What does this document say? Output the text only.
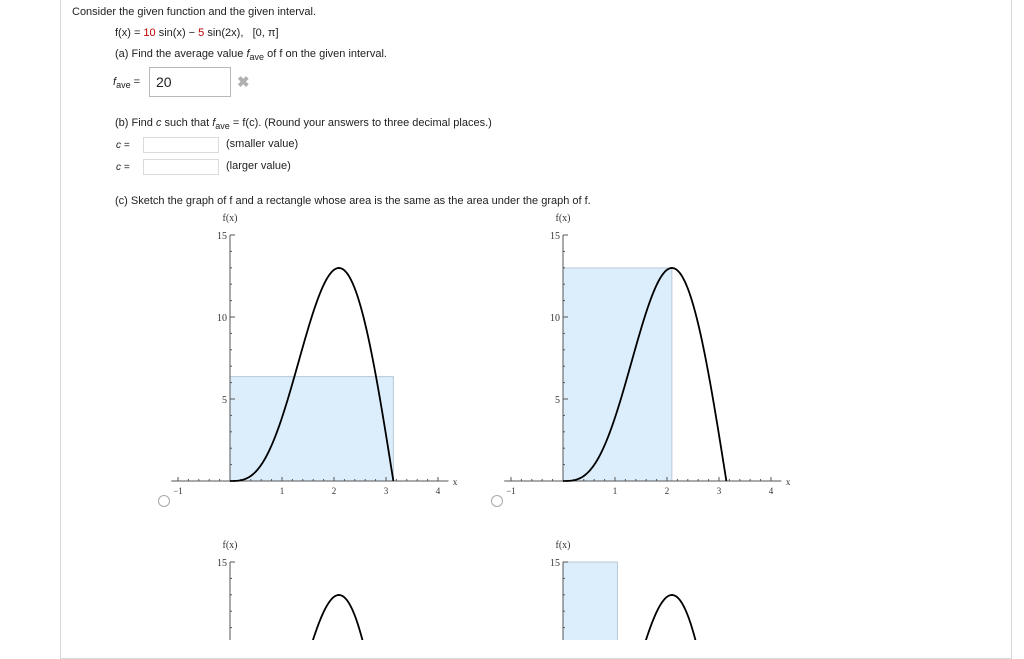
Consider the given function and the given interval.
f(x) = 10 sin(x) − 5 sin(2x), [0, π]
(a) Find the average value $f_{ave}$ of f on the given interval.
$f_{ave}$ =	20	✖
(b) Find c such that $f_{ave} = f(c)$. (Round your answers to three decimal places.)
c =	(smaller value)
c =	(larger value)
(c) Sketch the graph of f and a rectangle whose area is the same as the area under the graph of f.
5
10
15
f(x)
−1	1	2	3	4
x
5
10
15
f(x)
−1	1	2	3	4
x
15
f(x)
15
f(x)
